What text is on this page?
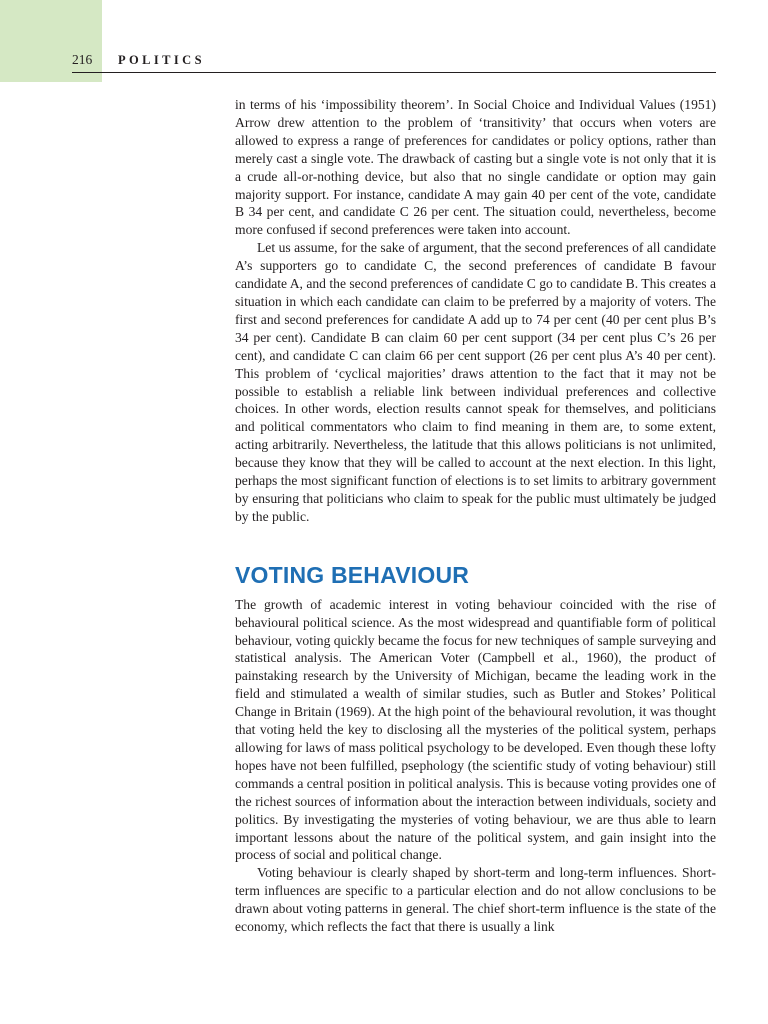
216 POLITICS

in terms of his ‘impossibility theorem’. In Social Choice and Individual Values (1951) Arrow drew attention to the problem of ‘transitivity’ that occurs when voters are allowed to express a range of preferences for candidates or policy options, rather than merely cast a single vote. The drawback of casting but a single vote is not only that it is a crude all-or-nothing device, but also that no single candidate or option may gain majority support. For instance, candidate A may gain 40 per cent of the vote, candidate B 34 per cent, and candidate C 26 per cent. The situation could, nevertheless, become more confused if second preferences were taken into account.

Let us assume, for the sake of argument, that the second preferences of all candidate A’s supporters go to candidate C, the second preferences of candidate B favour candidate A, and the second preferences of candidate C go to candidate B. This creates a situation in which each candidate can claim to be preferred by a majority of voters. The first and second preferences for candidate A add up to 74 per cent (40 per cent plus B’s 34 per cent). Candidate B can claim 60 per cent support (34 per cent plus C’s 26 per cent), and candidate C can claim 66 per cent support (26 per cent plus A’s 40 per cent). This problem of ‘cyclical majorities’ draws attention to the fact that it may not be possible to establish a reliable link between individual preferences and collective choices. In other words, election results cannot speak for themselves, and politicians and political commentators who claim to find meaning in them are, to some extent, acting arbitrarily. Nevertheless, the latitude that this allows politicians is not unlimited, because they know that they will be called to account at the next election. In this light, perhaps the most significant function of elections is to set limits to arbitrary government by ensuring that politicians who claim to speak for the public must ultimately be judged by the public.

VOTING BEHAVIOUR

The growth of academic interest in voting behaviour coincided with the rise of behavioural political science. As the most widespread and quantifiable form of political behaviour, voting quickly became the focus for new techniques of sample surveying and statistical analysis. The American Voter (Campbell et al., 1960), the product of painstaking research by the University of Michigan, became the leading work in the field and stimulated a wealth of similar studies, such as Butler and Stokes’ Political Change in Britain (1969). At the high point of the behavioural revolution, it was thought that voting held the key to disclosing all the mysteries of the political system, perhaps allowing for laws of mass political psychology to be developed. Even though these lofty hopes have not been fulfilled, psephology (the scientific study of voting behaviour) still commands a central position in political analysis. This is because voting provides one of the richest sources of information about the interaction between individuals, society and politics. By investigating the mysteries of voting behaviour, we are thus able to learn important lessons about the nature of the political system, and gain insight into the process of social and political change.

Voting behaviour is clearly shaped by short-term and long-term influences. Short-term influences are specific to a particular election and do not allow conclusions to be drawn about voting patterns in general. The chief short-term influence is the state of the economy, which reflects the fact that there is usually a link
